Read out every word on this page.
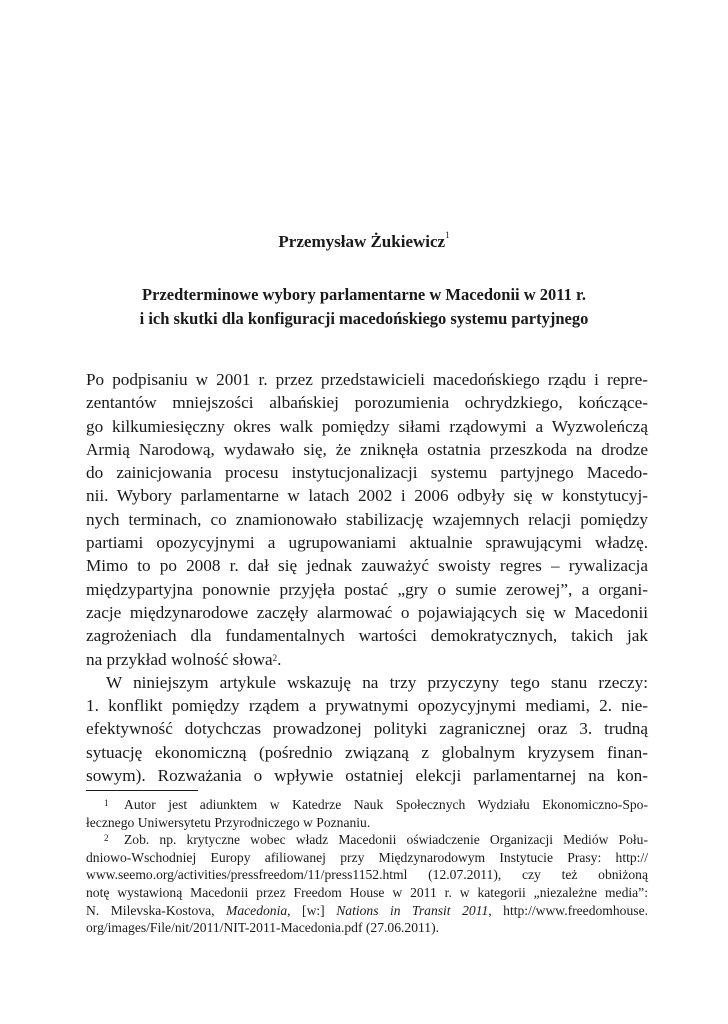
Przemysław Żukiewicz$^1$
Przedterminowe wybory parlamentarne w Macedonii w 2011 r.
i ich skutki dla konfiguracji macedońskiego systemu partyjnego
Po podpisaniu w 2001 r. przez przedstawicieli macedońskiego rządu i repre-
zentantów mniejszości albańskiej porozumienia ochrydzkiego, kończące-
go kilkumiesięczny okres walk pomiędzy siłami rządowymi a Wyzwoleńczą
Armią Narodową, wydawało się, że zniknęła ostatnia przeszkoda na drodze
do zainicjowania procesu instytucjonalizacji systemu partyjnego Macedo-
nii. Wybory parlamentarne w latach 2002 i 2006 odbyły się w konstytucyj-
nych terminach, co znamionowało stabilizację wzajemnych relacji pomiędzy
partiami opozycyjnymi a ugrupowaniami aktualnie sprawującymi władzę.
Mimo to po 2008 r. dał się jednak zauważyć swoisty regres – rywalizacja
międzypartyjna ponownie przyjęła postać „gry o sumie zerowej”, a organi-
zacje międzynarodowe zaczęły alarmować o pojawiających się w Macedonii
zagrożeniach dla fundamentalnych wartości demokratycznych, takich jak
na przykład wolność słowa$^2$.
W niniejszym artykule wskazuję na trzy przyczyny tego stanu rzeczy:
1. konflikt pomiędzy rządem a prywatnymi opozycyjnymi mediami, 2. nie-
efektywność dotychczas prowadzonej polityki zagranicznej oraz 3. trudną
sytuację ekonomiczną (pośrednio związaną z globalnym kryzysem finan-
sowym). Rozważania o wpływie ostatniej elekcji parlamentarnej na kon-
1 Autor jest adiunktem w Katedrze Nauk Społecznych Wydziału Ekonomiczno-Spo-
łecznego Uniwersytetu Przyrodniczego w Poznaniu.
2 Zob. np. krytyczne wobec władz Macedonii oświadczenie Organizacji Mediów Połu-
dniowo-Wschodniej Europy afiliowanej przy Międzynarodowym Instytucie Prasy: http://
www.seemo.org/activities/pressfreedom/11/press1152.html (12.07.2011), czy też obniżoną
notę wystawioną Macedonii przez Freedom House w 2011 r. w kategorii „niezależne media”:
N. Milevska-Kostova, Macedonia, [w:] Nations in Transit 2011, http://www.freedomhouse.
org/images/File/nit/2011/NIT-2011-Macedonia.pdf (27.06.2011).
